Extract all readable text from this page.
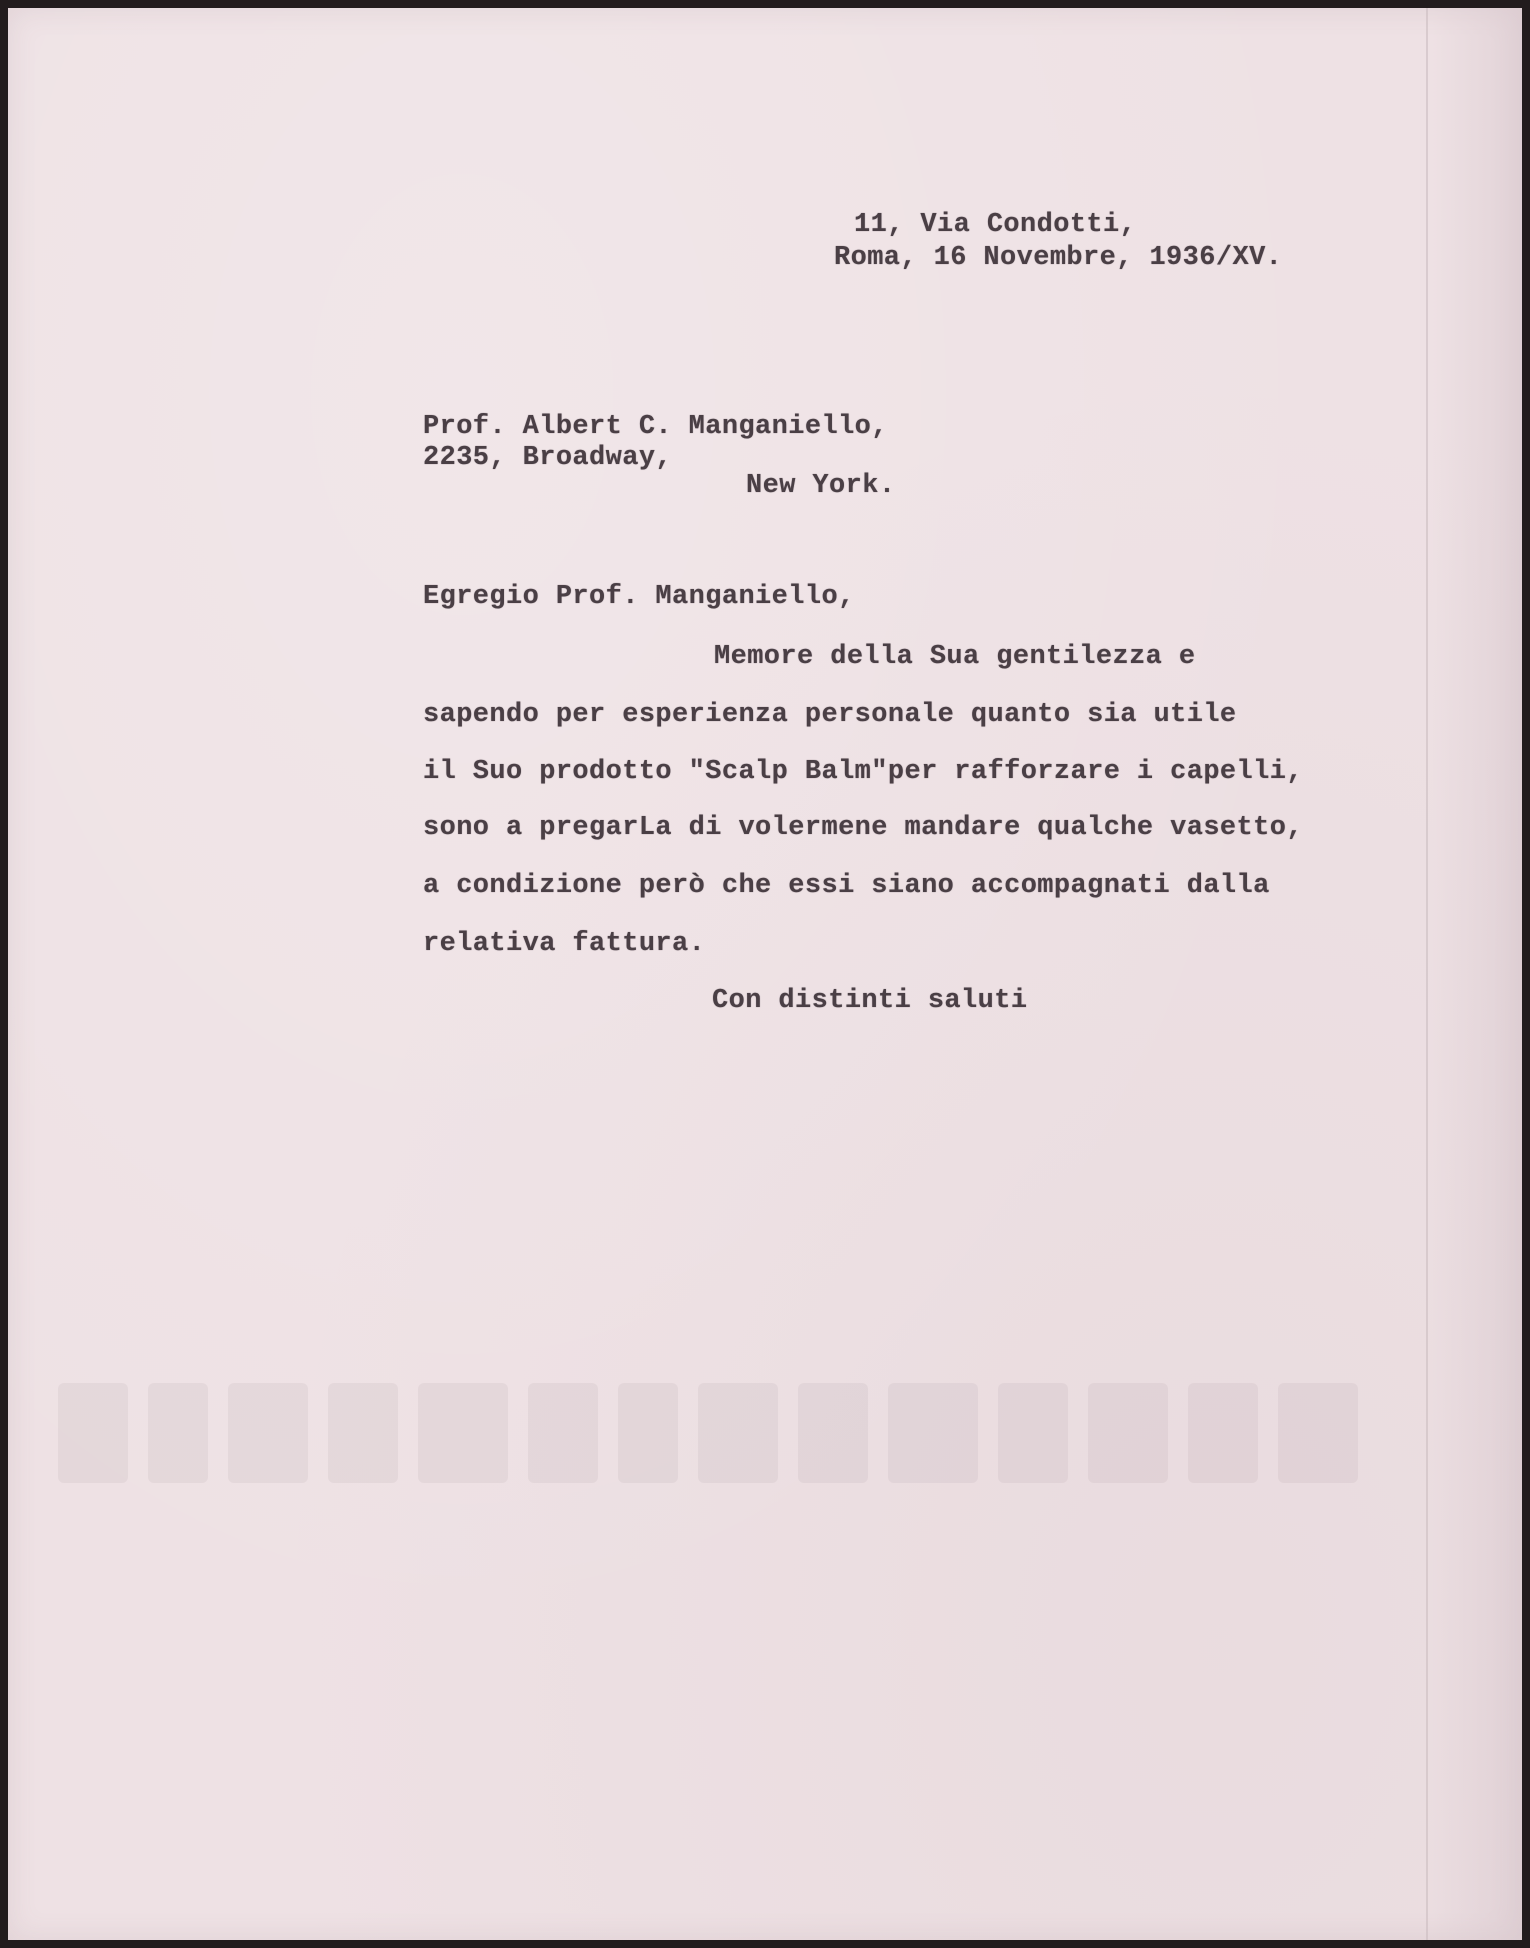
11, Via Condotti,
Roma, 16 Novembre, 1936/XV.
Prof. Albert C. Manganiello,
2235, Broadway,
New York.
Egregio Prof. Manganiello,
Memore della Sua gentilezza e
sapendo per esperienza personale quanto sia utile
il Suo prodotto "Scalp Balm"per rafforzare i capelli,
sono a pregarLa di volermene mandare qualche vasetto,
a condizione però che essi siano accompagnati dalla
relativa fattura.
Con distinti saluti
